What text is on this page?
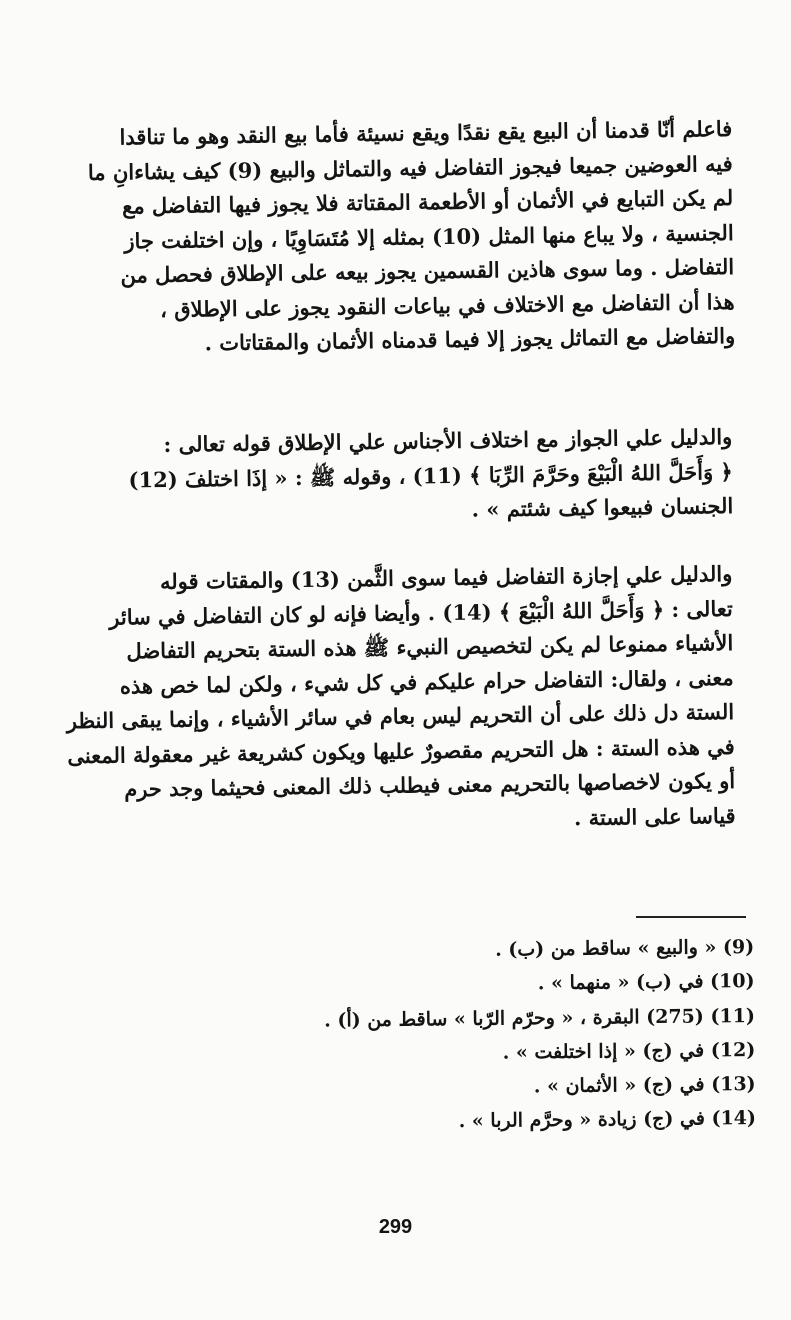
فاعلم أنّا قدمنا أن البيع يقع نقدًا ويقع نسيئة فأما بيع النقد وهو ما تناقدا

فيه العوضين جميعا فيجوز التفاضل فيه والتماثل والبيع (9) كيف يشاءانِ ما

لم يكن التبايع في الأثمان أو الأطعمة المقتاتة فلا يجوز فيها التفاضل مع

الجنسية ، ولا يباع منها المثل (10) بمثله إلا مُتَسَاوِيًا ، وإن اختلفت جاز

التفاضل . وما سوى هاذين القسمين يجوز بيعه على الإطلاق فحصل من

هذا أن التفاضل مع الاختلاف في بياعات النقود يجوز على الإطلاق ،

والتفاضل مع التماثل يجوز إلا فيما قدمناه الأثمان والمقتاتات .

والدليل علي الجواز مع اختلاف الأجناس علي الإطلاق قوله تعالى :

﴿ وَأَحَلَّ اللهُ الْبَيْعَ وحَرَّمَ الرِّبَا ﴾ (11) ، وقوله ﷺ : « إذَا اختلفَ (12)

الجنسان فبيعوا كيف شئتم » .

والدليل علي إجازة التفاضل فيما سوى الثَّمن (13) والمقتات قوله

تعالى : ﴿ وَأَحَلَّ اللهُ الْبَيْعَ ﴾ (14) . وأيضا فإنه لو كان التفاضل في سائر

الأشياء ممنوعا لم يكن لتخصيص النبيء ﷺ هذه الستة بتحريم التفاضل

معنى ، ولقال: التفاضل حرام عليكم في كل شيء ، ولكن لما خص هذه

الستة دل ذلك على أن التحريم ليس بعام في سائر الأشياء ، وإنما يبقى النظر

في هذه الستة : هل التحريم مقصورٌ عليها ويكون كشريعة غير معقولة المعنى

أو يكون لاخصاصها بالتحريم معنى فيطلب ذلك المعنى فحيثما وجد حرم

قياسا على الستة .

(9) « والبيع » ساقط من (ب) .
(10) في (ب) « منهما » .
(11) (275) البقرة ، « وحرّم الرّبا » ساقط من (أ) .
(12) في (ج) « إذا اختلفت » .
(13) في (ج) « الأثمان » .
(14) في (ج) زيادة « وحرَّم الربا » .
299
